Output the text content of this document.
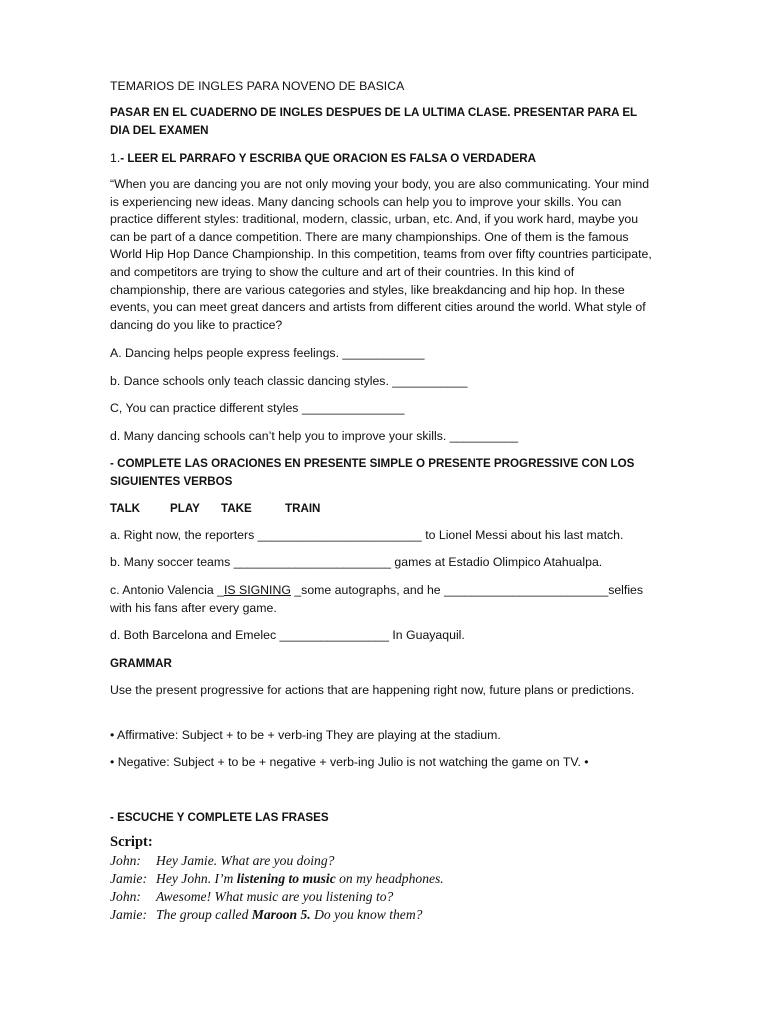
TEMARIOS DE INGLES PARA NOVENO DE BASICA

PASAR EN EL CUADERNO DE INGLES DESPUES DE LA ULTIMA CLASE. PRESENTAR PARA EL DIA DEL EXAMEN

1.- LEER EL PARRAFO Y ESCRIBA QUE ORACION ES FALSA O VERDADERA

“When you are dancing you are not only moving your body, you are also communicating. Your mind is experiencing new ideas. Many dancing schools can help you to improve your skills. You can practice different styles: traditional, modern, classic, urban, etc. And, if you work hard, maybe you can be part of a dance competition. There are many championships. One of them is the famous World Hip Hop Dance Championship. In this competition, teams from over fifty countries participate, and competitors are trying to show the culture and art of their countries. In this kind of championship, there are various categories and styles, like breakdancing and hip hop. In these events, you can meet great dancers and artists from different cities around the world. What style of dancing do you like to practice?

A. Dancing helps people express feelings. ____________

b. Dance schools only teach classic dancing styles. ___________

C, You can practice different styles _______________

d. Many dancing schools can’t help you to improve your skills. __________

- COMPLETE LAS ORACIONES EN PRESENTE SIMPLE O PRESENTE PROGRESSIVE CON LOS SIGUIENTES VERBOS

TALK	PLAY TAKE	TRAIN

a. Right now, the reporters ________________________ to Lionel Messi about his last match.

b. Many soccer teams _______________________ games at Estadio Olimpico Atahualpa.

c. Antonio Valencia _IS SIGNING _some autographs, and he ________________________selfies with his fans after every game.

d. Both Barcelona and Emelec ________________ In Guayaquil.

GRAMMAR

Use the present progressive for actions that are happening right now, future plans or predictions.

• Affirmative: Subject + to be + verb-ing They are playing at the stadium.

• Negative: Subject + to be + negative + verb-ing Julio is not watching the game on TV. •

- ESCUCHE Y COMPLETE LAS FRASES

Script:

John: Hey Jamie. What are you doing?

Jamie: Hey John. I’m listening to music on my headphones.

John: Awesome! What music are you listening to?

Jamie: The group called Maroon 5. Do you know them?
